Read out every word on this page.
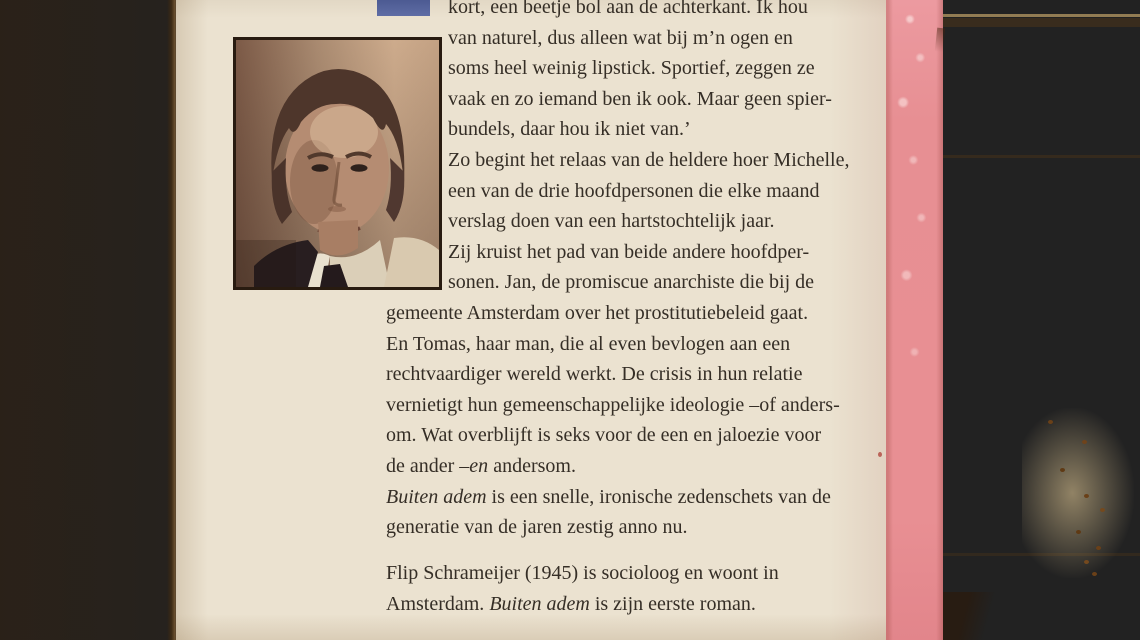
kort, een beetje bol aan de achterkant. Ik hou
van naturel, dus alleen wat bij m’n ogen en
soms heel weinig lipstick. Sportief, zeggen ze
vaak en zo iemand ben ik ook. Maar geen spier-
bundels, daar hou ik niet van.’
Zo begint het relaas van de heldere hoer Michelle,
een van de drie hoofdpersonen die elke maand
verslag doen van een hartstochtelijk jaar.
Zij kruist het pad van beide andere hoofdper-
sonen. Jan, de promiscue anarchiste die bij de
gemeente Amsterdam over het prostitutiebeleid gaat.
En Tomas, haar man, die al even bevlogen aan een
rechtvaardiger wereld werkt. De crisis in hun relatie
vernietigt hun gemeenschappelijke ideologie –of anders-
om. Wat overblijft is seks voor de een en jaloezie voor
de ander –en andersom.
Buiten adem is een snelle, ironische zedenschets van de
generatie van de jaren zestig anno nu.
Flip Schrameijer (1945) is socioloog en woont in
Amsterdam. Buiten adem is zijn eerste roman.
